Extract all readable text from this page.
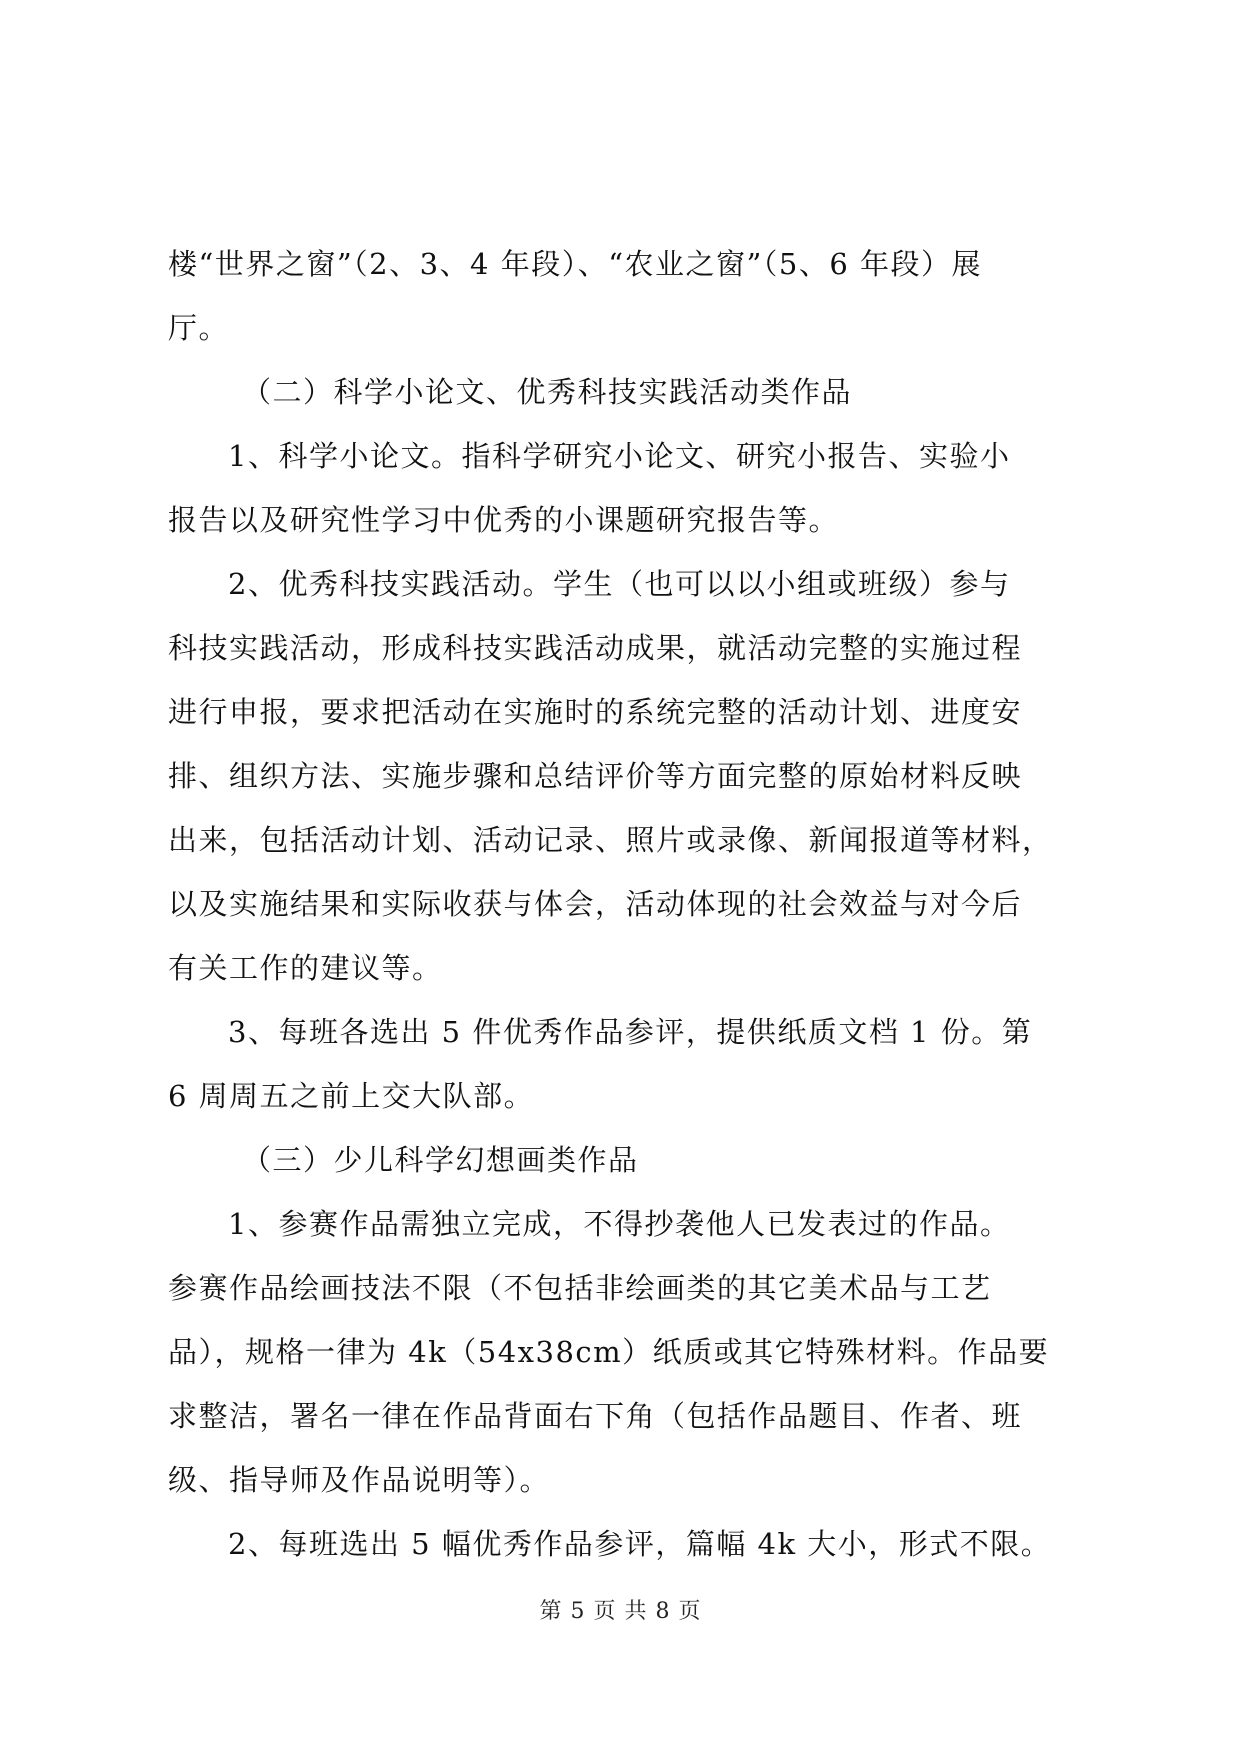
楼“世界之窗”（2、3、4 年段）、“农业之窗”（5、6 年段）展
厅。
（二）科学小论文、优秀科技实践活动类作品
1、科学小论文。指科学研究小论文、研究小报告、实验小
报告以及研究性学习中优秀的小课题研究报告等。
2、优秀科技实践活动。学生（也可以以小组或班级）参与
科技实践活动，形成科技实践活动成果，就活动完整的实施过程
进行申报，要求把活动在实施时的系统完整的活动计划、进度安
排、组织方法、实施步骤和总结评价等方面完整的原始材料反映
出来，包括活动计划、活动记录、照片或录像、新闻报道等材料，
以及实施结果和实际收获与体会，活动体现的社会效益与对今后
有关工作的建议等。
3、每班各选出 5 件优秀作品参评，提供纸质文档 1 份。第
6 周周五之前上交大队部。
（三）少儿科学幻想画类作品
1、参赛作品需独立完成，不得抄袭他人已发表过的作品。
参赛作品绘画技法不限（不包括非绘画类的其它美术品与工艺
品），规格一律为 4k（54x38cm）纸质或其它特殊材料。作品要
求整洁，署名一律在作品背面右下角（包括作品题目、作者、班
级、指导师及作品说明等）。
2、每班选出 5 幅优秀作品参评，篇幅 4k 大小，形式不限。
第 5 页 共 8 页
